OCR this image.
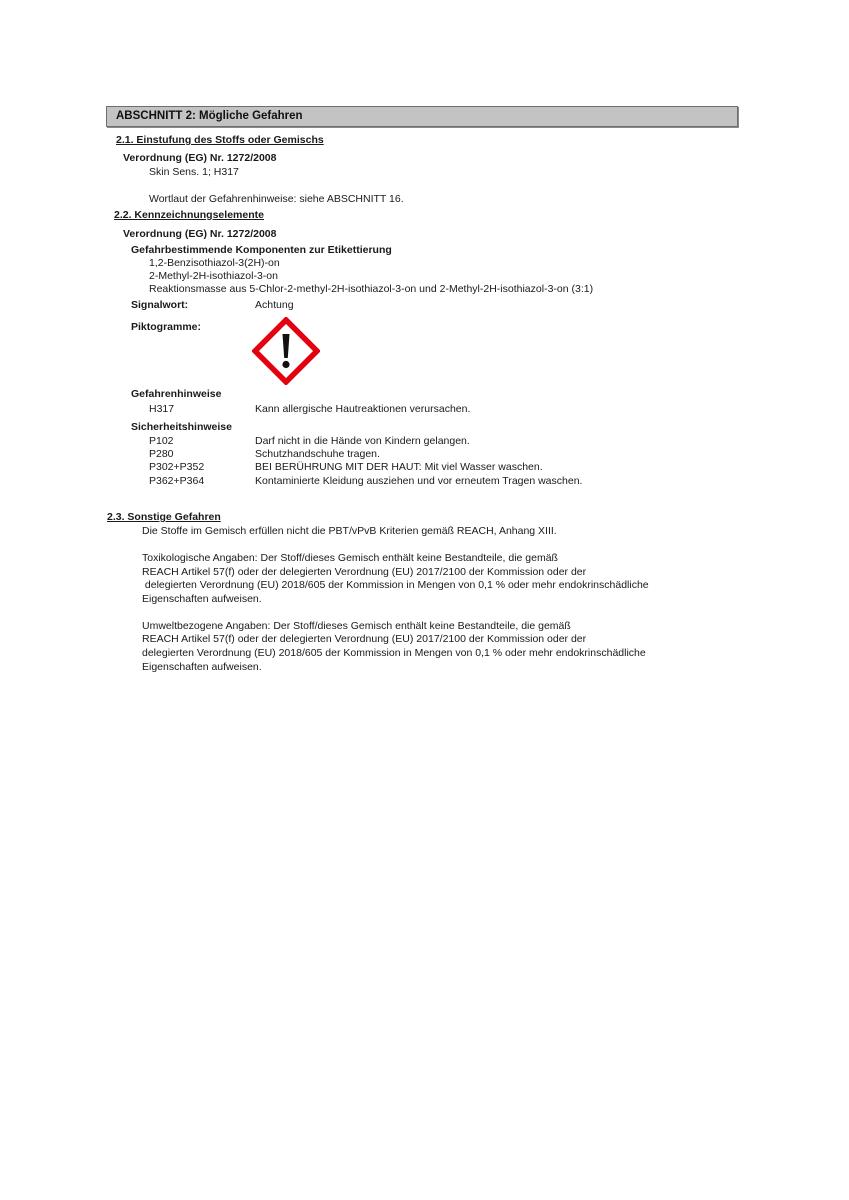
ABSCHNITT 2: Mögliche Gefahren
2.1. Einstufung des Stoffs oder Gemischs
Verordnung (EG) Nr. 1272/2008
Skin Sens. 1; H317
Wortlaut der Gefahrenhinweise: siehe ABSCHNITT 16.
2.2. Kennzeichnungselemente
Verordnung (EG) Nr. 1272/2008
Gefahrbestimmende Komponenten zur Etikettierung
1,2-Benzisothiazol-3(2H)-on
2-Methyl-2H-isothiazol-3-on
Reaktionsmasse aus 5-Chlor-2-methyl-2H-isothiazol-3-on und 2-Methyl-2H-isothiazol-3-on (3:1)
Signalwort:	Achtung
Piktogramme:
Gefahrenhinweise
H317	Kann allergische Hautreaktionen verursachen.
Sicherheitshinweise
P102	Darf nicht in die Hände von Kindern gelangen.
P280	Schutzhandschuhe tragen.
P302+P352	BEI BERÜHRUNG MIT DER HAUT: Mit viel Wasser waschen.
P362+P364	Kontaminierte Kleidung ausziehen und vor erneutem Tragen waschen.
2.3. Sonstige Gefahren
Die Stoffe im Gemisch erfüllen nicht die PBT/vPvB Kriterien gemäß REACH, Anhang XIII.
Toxikologische Angaben: Der Stoff/dieses Gemisch enthält keine Bestandteile, die gemäß
REACH Artikel 57(f) oder der delegierten Verordnung (EU) 2017/2100 der Kommission oder der
delegierten Verordnung (EU) 2018/605 der Kommission in Mengen von 0,1 % oder mehr endokrinschädliche
Eigenschaften aufweisen.
Umweltbezogene Angaben: Der Stoff/dieses Gemisch enthält keine Bestandteile, die gemäß
REACH Artikel 57(f) oder der delegierten Verordnung (EU) 2017/2100 der Kommission oder der
delegierten Verordnung (EU) 2018/605 der Kommission in Mengen von 0,1 % oder mehr endokrinschädliche
Eigenschaften aufweisen.
